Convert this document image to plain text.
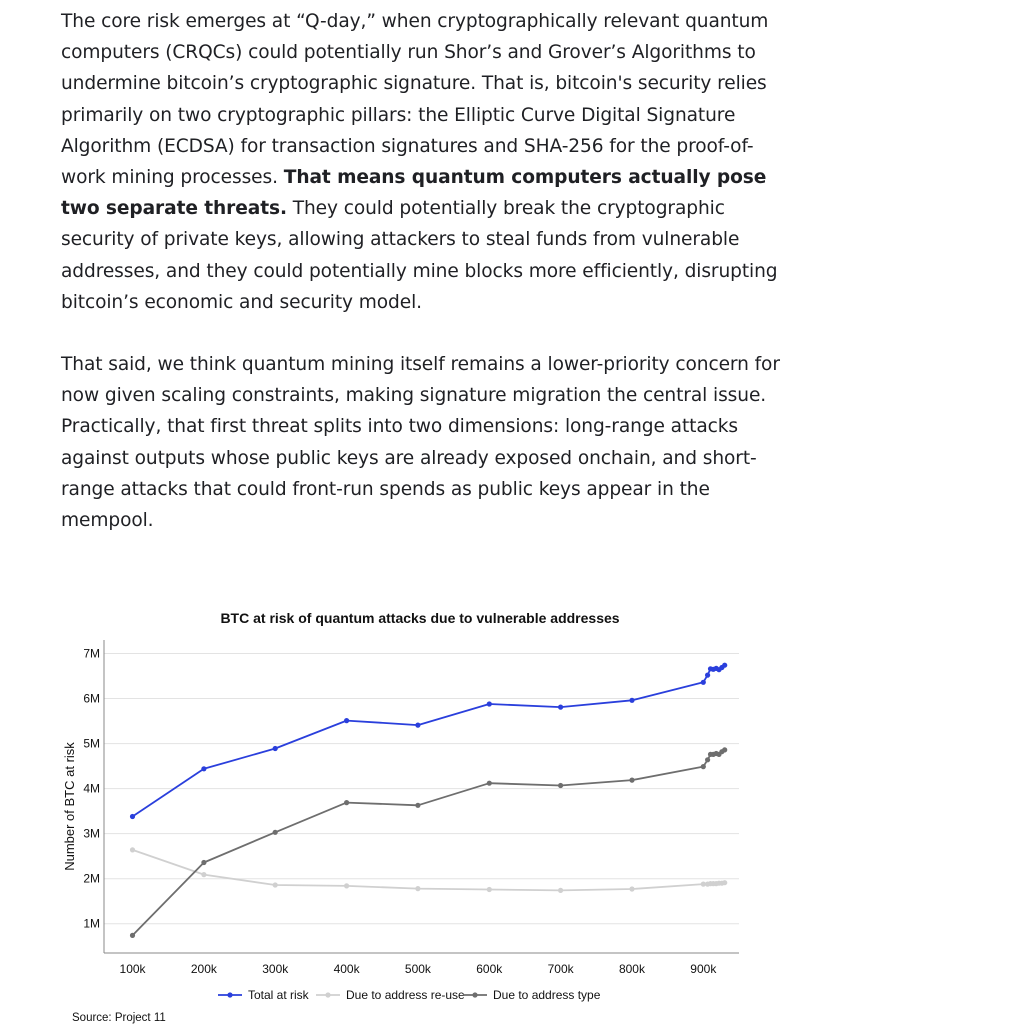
The core risk emerges at “Q-day,” when cryptographically relevant quantum computers (CRQCs) could potentially run Shor’s and Grover’s Algorithms to undermine bitcoin’s cryptographic signature. That is, bitcoin's security relies primarily on two cryptographic pillars: the Elliptic Curve Digital Signature Algorithm (ECDSA) for transaction signatures and SHA-256 for the proof-of-work mining processes. That means quantum computers actually pose two separate threats. They could potentially break the cryptographic security of private keys, allowing attackers to steal funds from vulnerable addresses, and they could potentially mine blocks more efficiently, disrupting bitcoin’s economic and security model.

That said, we think quantum mining itself remains a lower-priority concern for now given scaling constraints, making signature migration the central issue. Practically, that first threat splits into two dimensions: long-range attacks against outputs whose public keys are already exposed onchain, and short-range attacks that could front-run spends as public keys appear in the mempool.

BTC at risk of quantum attacks due to vulnerable addresses
1M
2M
3M
4M
5M
6M
7M
100k	200k	300k	400k	500k	600k	700k	800k	900k
Total at risk	Due to address re-use Due to address type
Number of BTC at risk
Source: Project 11
